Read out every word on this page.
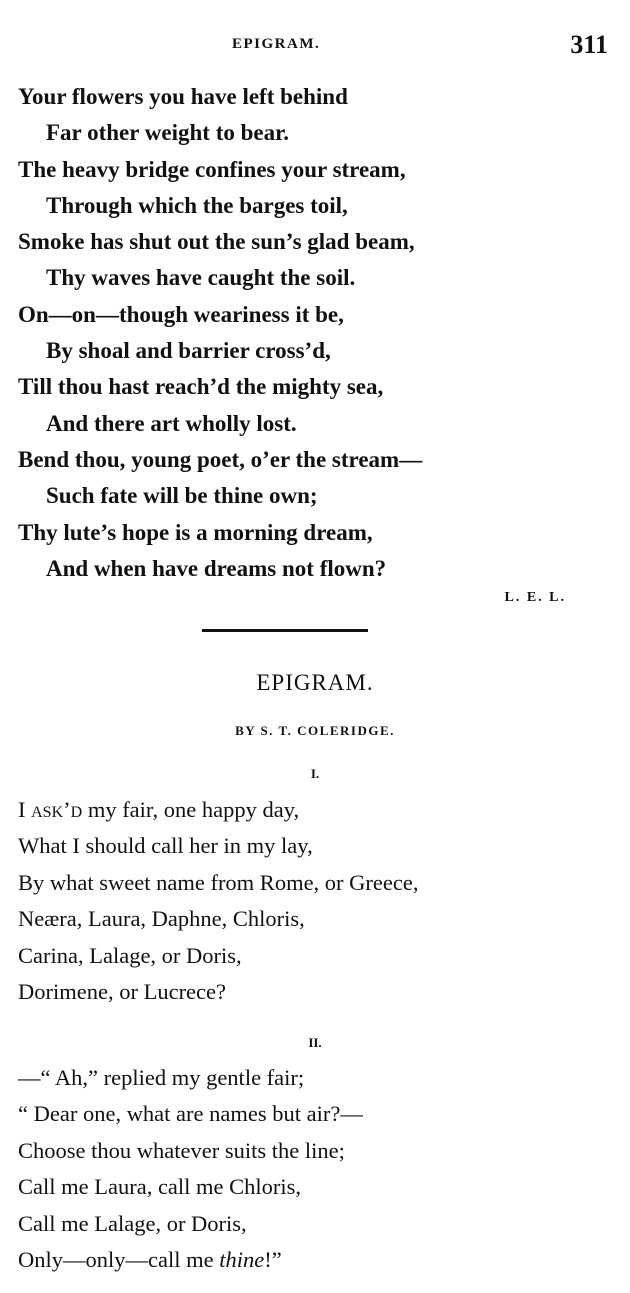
EPIGRAM.	311
Your flowers you have left behind
Far other weight to bear.
The heavy bridge confines your stream,
Through which the barges toil,
Smoke has shut out the sun’s glad beam,
Thy waves have caught the soil.
On—on—though weariness it be,
By shoal and barrier cross’d,
Till thou hast reach’d the mighty sea,
And there art wholly lost.
Bend thou, young poet, o’er the stream—
Such fate will be thine own;
Thy lute’s hope is a morning dream,
And when have dreams not flown?
L. E. L.
EPIGRAM.
BY S. T. COLERIDGE.
I.
I ask’d my fair, one happy day,
What I should call her in my lay,
By what sweet name from Rome, or Greece,
Neæra, Laura, Daphne, Chloris,
Carina, Lalage, or Doris,
Dorimene, or Lucrece?
II.
—“ Ah,” replied my gentle fair;
“ Dear one, what are names but air?—
Choose thou whatever suits the line;
Call me Laura, call me Chloris,
Call me Lalage, or Doris,
Only—only—call me thine!”
